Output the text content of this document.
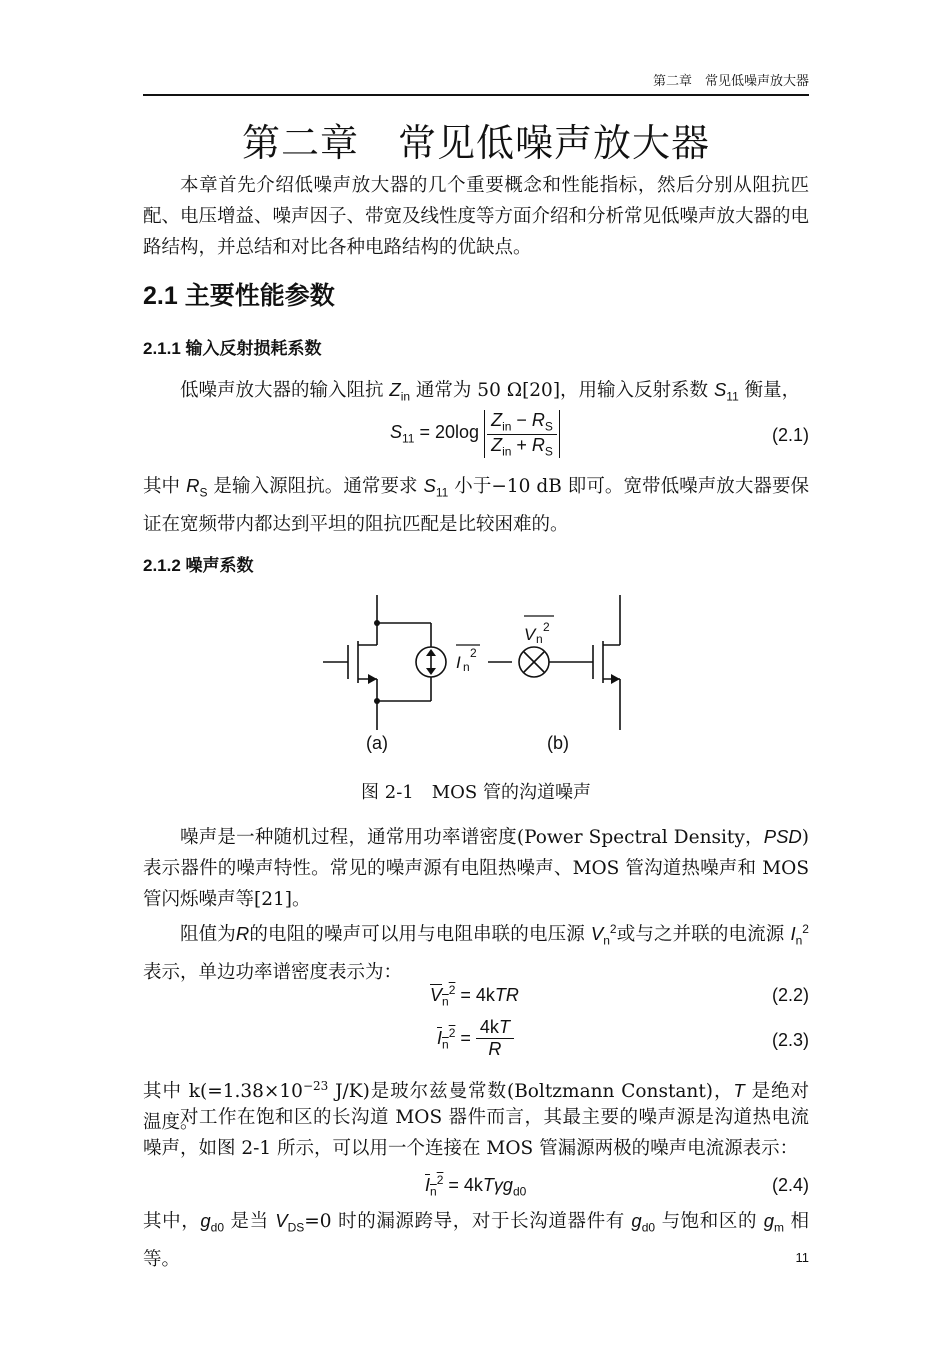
第二章　常见低噪声放大器
第二章　常见低噪声放大器
本章首先介绍低噪声放大器的几个重要概念和性能指标，然后分别从阻抗匹配、电压增益、噪声因子、带宽及线性度等方面介绍和分析常见低噪声放大器的电路结构，并总结和对比各种电路结构的优缺点。
2.1 主要性能参数
2.1.1 输入反射损耗系数
低噪声放大器的输入阻抗 $Z_{in}$ 通常为 50 Ω[20]，用输入反射系数 $S_{11}$ 衡量，
$S_{11} = 20\log \frac{Z_{in} - R_S}{Z_{in} + R_S}$	(2.1)
其中 $R_S$ 是输入源阻抗。通常要求 $S_{11}$ 小于−10 dB 即可。宽带低噪声放大器要保证在宽频带内都达到平坦的阻抗匹配是比较困难的。
2.1.2 噪声系数
I n
2
V n
2
(a)	(b)
图 2-1　MOS 管的沟道噪声
噪声是一种随机过程，通常用功率谱密度(Power Spectral Density，PSD)表示器件的噪声特性。常见的噪声源有电阻热噪声、MOS 管沟道热噪声和 MOS 管闪烁噪声等[21]。
阻值为R的电阻的噪声可以用与电阻串联的电压源 $V_n^2$或与之并联的电流源 $I_n^2$ 表示，单边功率谱密度表示为：
$V_n^2 = 4kTR$	(2.2)
$I_n^2 = \frac{4kT}{R}$	(2.3)
其中 $k(=1.38\times 10^{-23}$ J/K)是玻尔兹曼常数(Boltzmann Constant)，T 是绝对温度。
对工作在饱和区的长沟道 MOS 器件而言，其最主要的噪声源是沟道热电流噪声，如图 2-1 所示，可以用一个连接在 MOS 管漏源两极的噪声电流源表示：
$I_n^2 = 4kT\gamma g_{d0}$	(2.4)
其中，$g_{d0}$ 是当 $V_{DS}=0$ 时的漏源跨导，对于长沟道器件有 $g_{d0}$ 与饱和区的 $g_m$ 相等。	11
